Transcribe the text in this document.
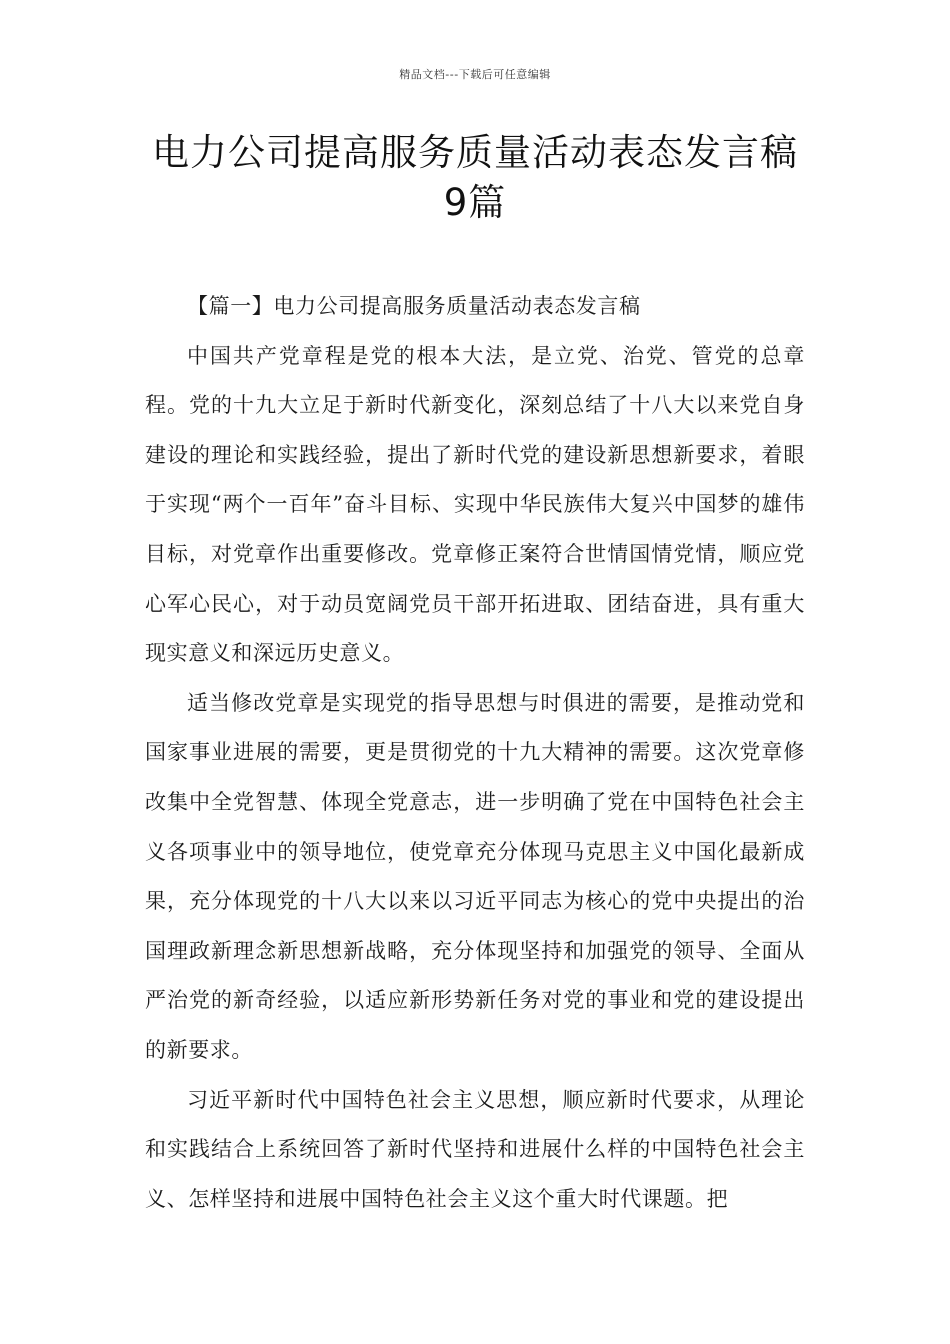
精品文档---下载后可任意编辑
电力公司提高服务质量活动表态发言稿
9篇
【篇一】电力公司提高服务质量活动表态发言稿

中国共产党章程是党的根本大法，是立党、治党、管党的总章程。党的十九大立足于新时代新变化，深刻总结了十八大以来党自身建设的理论和实践经验，提出了新时代党的建设新思想新要求，着眼于实现“两个一百年”奋斗目标、实现中华民族伟大复兴中国梦的雄伟目标，对党章作出重要修改。党章修正案符合世情国情党情，顺应党心军心民心，对于动员宽阔党员干部开拓进取、团结奋进，具有重大现实意义和深远历史意义。

适当修改党章是实现党的指导思想与时俱进的需要，是推动党和国家事业进展的需要，更是贯彻党的十九大精神的需要。这次党章修改集中全党智慧、体现全党意志，进一步明确了党在中国特色社会主义各项事业中的领导地位，使党章充分体现马克思主义中国化最新成果，充分体现党的十八大以来以习近平同志为核心的党中央提出的治国理政新理念新思想新战略，充分体现坚持和加强党的领导、全面从严治党的新奇经验，以适应新形势新任务对党的事业和党的建设提出的新要求。

习近平新时代中国特色社会主义思想，顺应新时代要求，从理论和实践结合上系统回答了新时代坚持和进展什么样的中国特色社会主义、怎样坚持和进展中国特色社会主义这个重大时代课题。把
